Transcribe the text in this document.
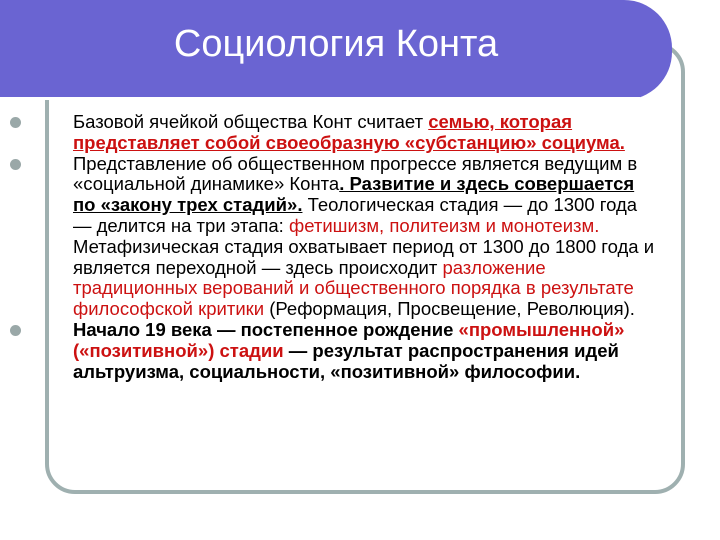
Социология Конта
Базовой ячейкой общества Конт считает семью, которая представляет собой своеобразную «субстанцию» социума.
Представление об общественном прогрессе является ведущим в «социальной динамике» Конта. Развитие и здесь совершается по «закону трех стадий». Теологическая стадия — до 1300 года — делится на три этапа: фетишизм, политеизм и монотеизм. Метафизическая стадия охватывает период от 1300 до 1800 года и является переходной — здесь происходит разложение традиционных верований и общественного порядка в результате философской критики (Реформация, Просвещение, Революция).
Начало 19 века — постепенное рождение «промышленной» («позитивной») стадии — результат распространения идей альтруизма, социальности, «позитивной» философии.
